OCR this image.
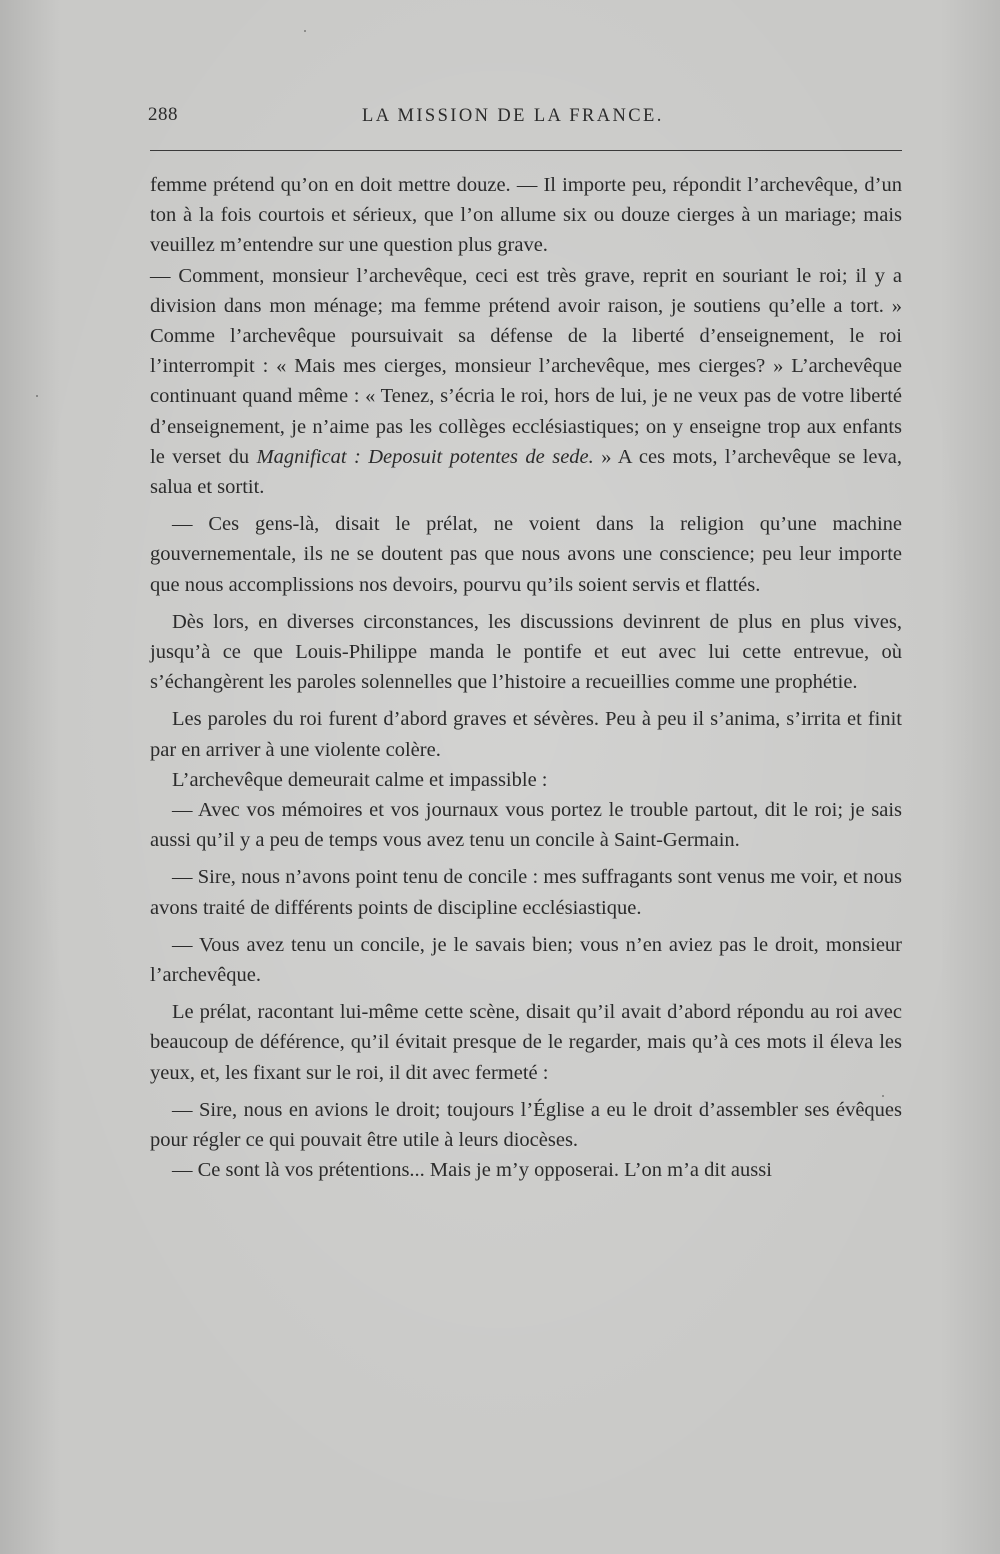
288	LA MISSION DE LA FRANCE.

femme prétend qu’on en doit mettre douze. — Il importe peu, répondit l’archevêque, d’un ton à la fois courtois et sérieux, que l’on allume six ou douze cierges à un mariage; mais veuillez m’entendre sur une question plus grave.

— Comment, monsieur l’archevêque, ceci est très grave, reprit en souriant le roi; il y a division dans mon ménage; ma femme prétend avoir raison, je soutiens qu’elle a tort. » Comme l’archevêque poursuivait sa défense de la liberté d’enseignement, le roi l’interrompit : « Mais mes cierges, monsieur l’archevêque, mes cierges? » L’archevêque continuant quand même : « Tenez, s’écria le roi, hors de lui, je ne veux pas de votre liberté d’enseignement, je n’aime pas les collèges ecclésiastiques; on y enseigne trop aux enfants le verset du Magnificat : Deposuit potentes de sede. » A ces mots, l’archevêque se leva, salua et sortit.

— Ces gens-là, disait le prélat, ne voient dans la religion qu’une machine gouvernementale, ils ne se doutent pas que nous avons une conscience; peu leur importe que nous accomplissions nos devoirs, pourvu qu’ils soient servis et flattés.

Dès lors, en diverses circonstances, les discussions devinrent de plus en plus vives, jusqu’à ce que Louis-Philippe manda le pontife et eut avec lui cette entrevue, où s’échangèrent les paroles solennelles que l’histoire a recueillies comme une prophétie.

Les paroles du roi furent d’abord graves et sévères. Peu à peu il s’anima, s’irrita et finit par en arriver à une violente colère.

L’archevêque demeurait calme et impassible :

— Avec vos mémoires et vos journaux vous portez le trouble partout, dit le roi; je sais aussi qu’il y a peu de temps vous avez tenu un concile à Saint-Germain.

— Sire, nous n’avons point tenu de concile : mes suffragants sont venus me voir, et nous avons traité de différents points de discipline ecclésiastique.

— Vous avez tenu un concile, je le savais bien; vous n’en aviez pas le droit, monsieur l’archevêque.

Le prélat, racontant lui-même cette scène, disait qu’il avait d’abord répondu au roi avec beaucoup de déférence, qu’il évitait presque de le regarder, mais qu’à ces mots il éleva les yeux, et, les fixant sur le roi, il dit avec fermeté :

— Sire, nous en avions le droit; toujours l’Église a eu le droit d’assembler ses évêques pour régler ce qui pouvait être utile à leurs diocèses.

— Ce sont là vos prétentions... Mais je m’y opposerai. L’on m’a dit aussi
